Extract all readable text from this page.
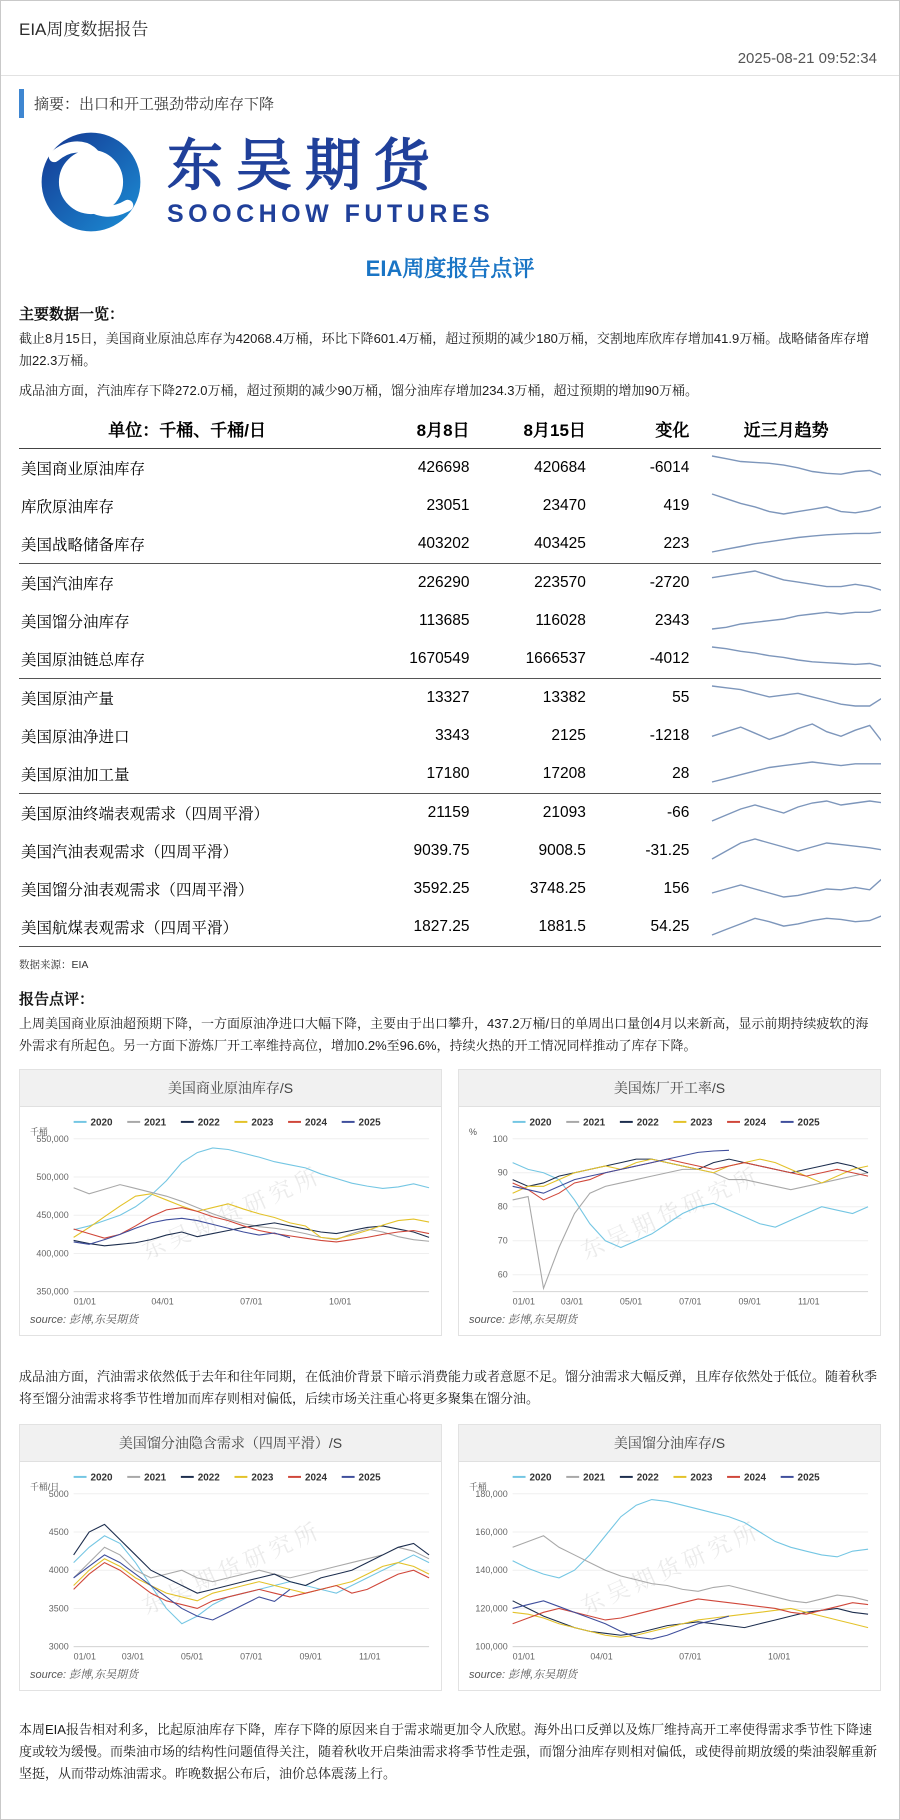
EIA周度数据报告
2025-08-21 09:52:34
摘要：出口和开工强劲带动库存下降
东吴期货
SOOCHOW FUTURES
EIA周度报告点评
主要数据一览：

截止8月15日，美国商业原油总库存为42068.4万桶，环比下降601.4万桶，超过预期的减少180万桶，交割地库欣库存增加41.9万桶。战略储备库存增加22.3万桶。

成品油方面，汽油库存下降272.0万桶，超过预期的减少90万桶，馏分油库存增加234.3万桶，超过预期的增加90万桶。

单位：千桶、千桶/日	8月8日	8月15日	变化	近三月趋势
美国商业原油库存	426698	420684	-6014	
库欣原油库存	23051	23470	419	
美国战略储备库存	403202	403425	223	
美国汽油库存	226290	223570	-2720	
美国馏分油库存	113685	116028	2343	
美国原油链总库存	1670549	1666537	-4012	
美国原油产量	13327	13382	55	
美国原油净进口	3343	2125	-1218	
美国原油加工量	17180	17208	28	
美国原油终端表观需求（四周平滑）	21159	21093	-66	
美国汽油表观需求（四周平滑）	9039.75	9008.5	-31.25	
美国馏分油表观需求（四周平滑）	3592.25	3748.25	156	
美国航煤表观需求（四周平滑）	1827.25	1881.5	54.25	
数据来源：EIA
报告点评：

上周美国商业原油超预期下降，一方面原油净进口大幅下降，主要由于出口攀升，437.2万桶/日的单周出口量创4月以来新高，显示前期持续疲软的海外需求有所起色。另一方面下游炼厂开工率维持高位，增加0.2%至96.6%，持续火热的开工情况同样推动了库存下降。

美国商业原油库存/S
350,000
400,000
450,000
500,000
550,000
千桶
01/01	04/01	07/01	10/01
东吴期货研究所
2020	2021	2022	2023	2024	2025
source: 彭博,东吴期货
美国炼厂开工率/S
60
70
80
90
100
%
01/01	03/01	05/01	07/01	09/01	11/01
东吴期货研究所
2020	2021	2022	2023	2024	2025
source: 彭博,东吴期货

成品油方面，汽油需求依然低于去年和往年同期，在低油价背景下暗示消费能力或者意愿不足。馏分油需求大幅反弹，且库存依然处于低位。随着秋季将至馏分油需求将季节性增加而库存则相对偏低，后续市场关注重心将更多聚集在馏分油。

美国馏分油隐含需求（四周平滑）/S
3000
3500
4000
4500
5000
千桶/日
01/01	03/01	05/01	07/01	09/01	11/01
东吴期货研究所
2020	2021	2022	2023	2024	2025
source: 彭博,东吴期货
美国馏分油库存/S
100,000
120,000
140,000
160,000
180,000
千桶
01/01	04/01	07/01	10/01
东吴期货研究所
2020	2021	2022	2023	2024	2025
source: 彭博,东吴期货

本周EIA报告相对利多，比起原油库存下降，库存下降的原因来自于需求端更加令人欣慰。海外出口反弹以及炼厂维持高开工率使得需求季节性下降速度或较为缓慢。而柴油市场的结构性问题值得关注，随着秋收开启柴油需求将季节性走强，而馏分油库存则相对偏低，或使得前期放缓的柴油裂解重新坚挺，从而带动炼油需求。昨晚数据公布后，油价总体震荡上行。
